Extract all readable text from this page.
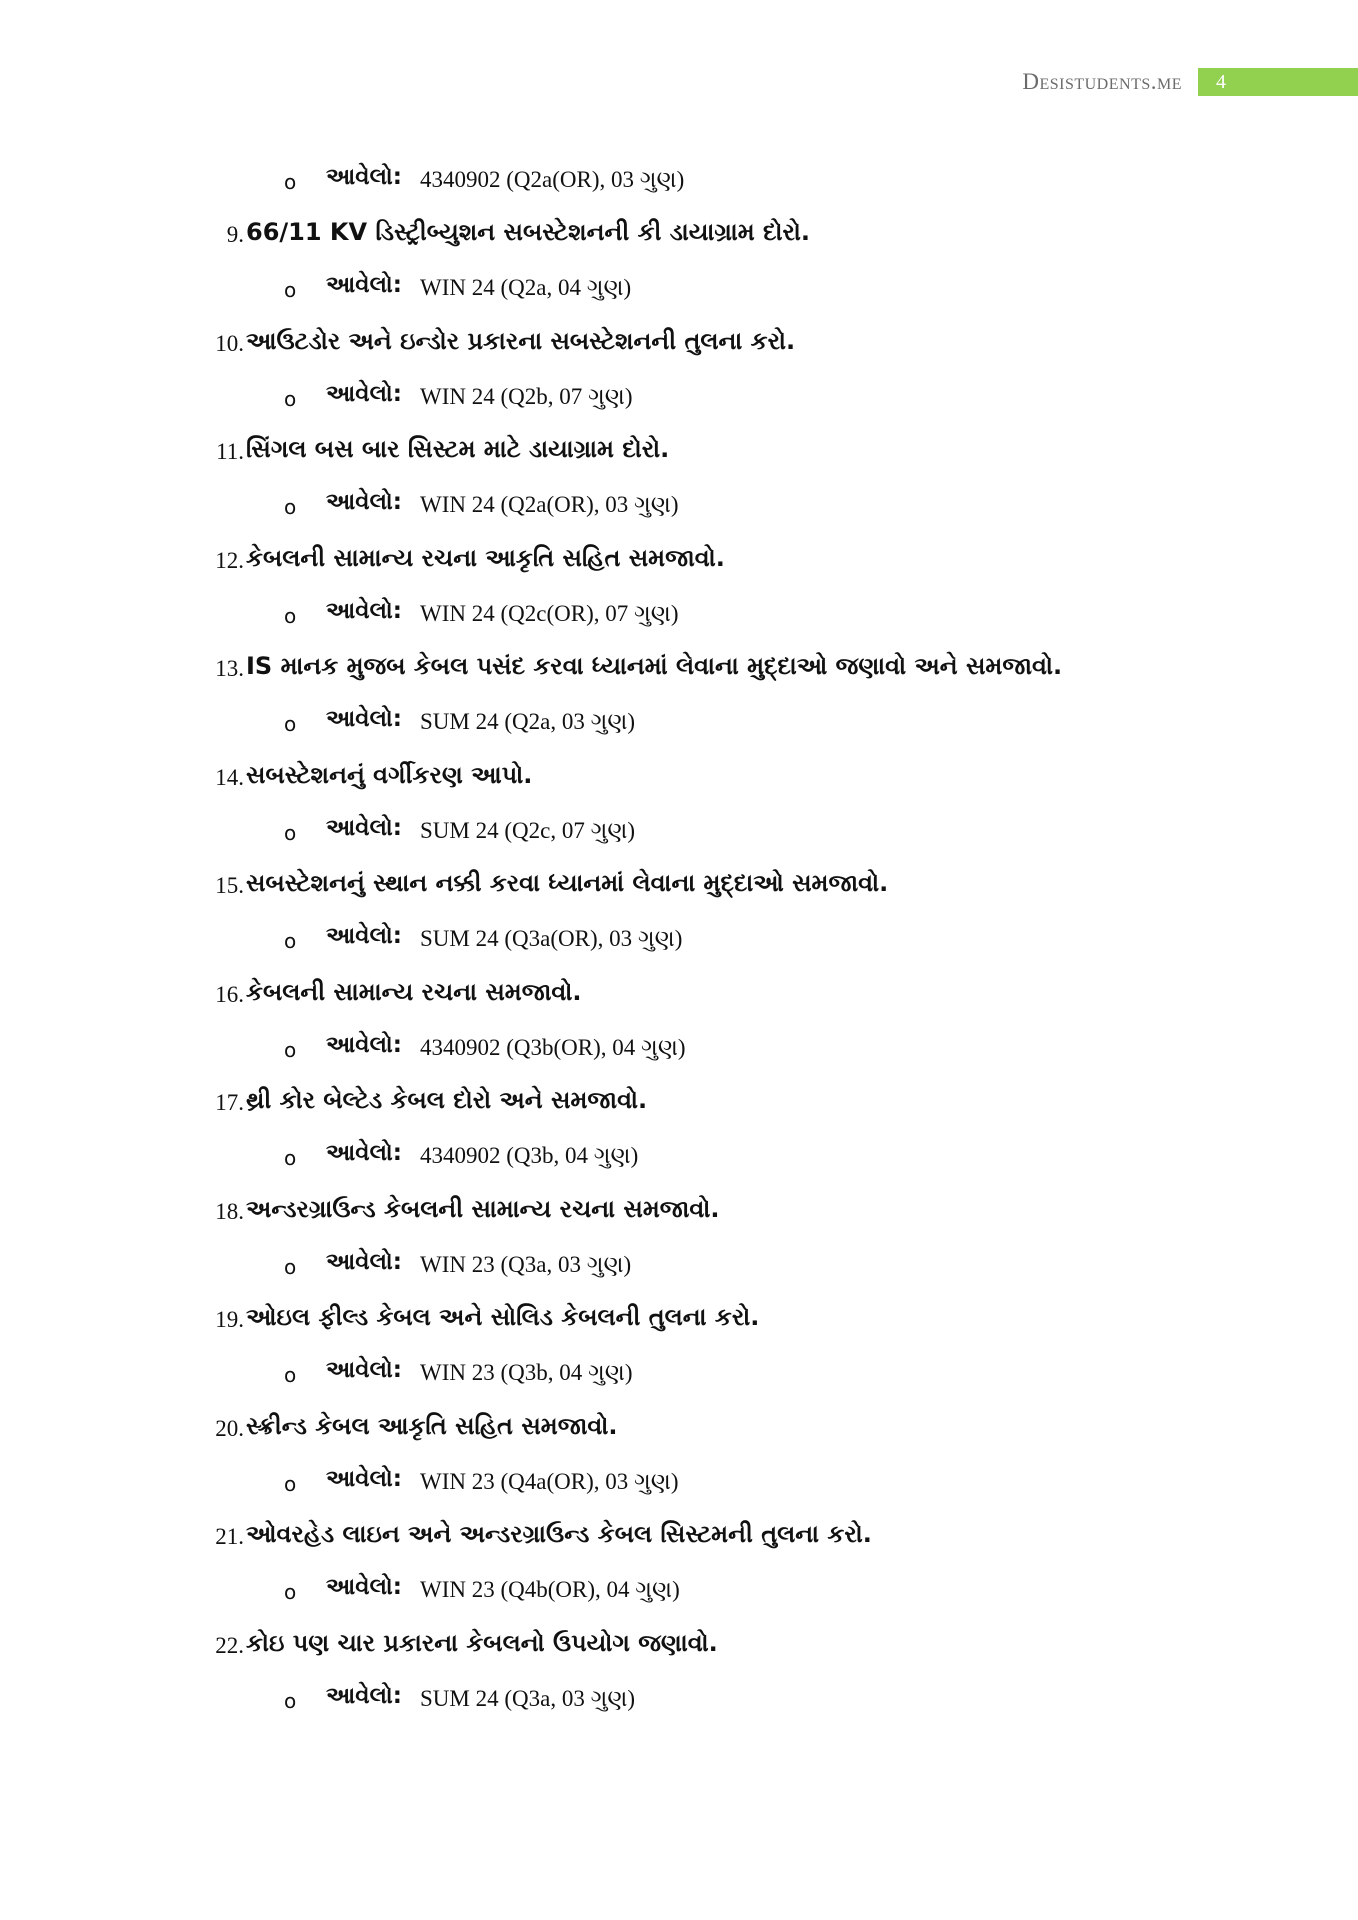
Desistudents.me	4
o આવેલો: 4340902 (Q2a(OR), 03 ગુણ)
9. 66/11 KV ડિસ્ટ્રીબ્યુશન સબસ્ટેશનની કી ડાયાગ્રામ દોરો.
o આવેલો: WIN 24 (Q2a, 04 ગુણ)
10. આઉટડોર અને ઇન્ડોર પ્રકારના સબસ્ટેશનની તુલના કરો.
o આવેલો: WIN 24 (Q2b, 07 ગુણ)
11. સિંગલ બસ બાર સિસ્ટમ માટે ડાયાગ્રામ દોરો.
o આવેલો: WIN 24 (Q2a(OR), 03 ગુણ)
12. કેબલની સામાન્ય રચના આકૃતિ સહિત સમજાવો.
o આવેલો: WIN 24 (Q2c(OR), 07 ગુણ)
13. IS માનક મુજબ કેબલ પસંદ કરવા ધ્યાનમાં લેવાના મુદ્દાઓ જણાવો અને સમજાવો.
o આવેલો: SUM 24 (Q2a, 03 ગુણ)
14. સબસ્ટેશનનું વર્ગીકરણ આપો.
o આવેલો: SUM 24 (Q2c, 07 ગુણ)
15. સબસ્ટેશનનું સ્થાન નક્કી કરવા ધ્યાનમાં લેવાના મુદ્દાઓ સમજાવો.
o આવેલો: SUM 24 (Q3a(OR), 03 ગુણ)
16. કેબલની સામાન્ય રચના સમજાવો.
o આવેલો: 4340902 (Q3b(OR), 04 ગુણ)
17. થ્રી કોર બેલ્ટેડ કેબલ દોરો અને સમજાવો.
o આવેલો: 4340902 (Q3b, 04 ગુણ)
18. અન્ડરગ્રાઉન્ડ કેબલની સામાન્ય રચના સમજાવો.
o આવેલો: WIN 23 (Q3a, 03 ગુણ)
19. ઓઇલ ફીલ્ડ કેબલ અને સોલિડ કેબલની તુલના કરો.
o આવેલો: WIN 23 (Q3b, 04 ગુણ)
20. સ્ક્રીન્ડ કેબલ આકૃતિ સહિત સમજાવો.
o આવેલો: WIN 23 (Q4a(OR), 03 ગુણ)
21. ઓવરહેડ લાઇન અને અન્ડરગ્રાઉન્ડ કેબલ સિસ્ટમની તુલના કરો.
o આવેલો: WIN 23 (Q4b(OR), 04 ગુણ)
22. કોઇ પણ ચાર પ્રકારના કેબલનો ઉપયોગ જણાવો.
o આવેલો: SUM 24 (Q3a, 03 ગુણ)
